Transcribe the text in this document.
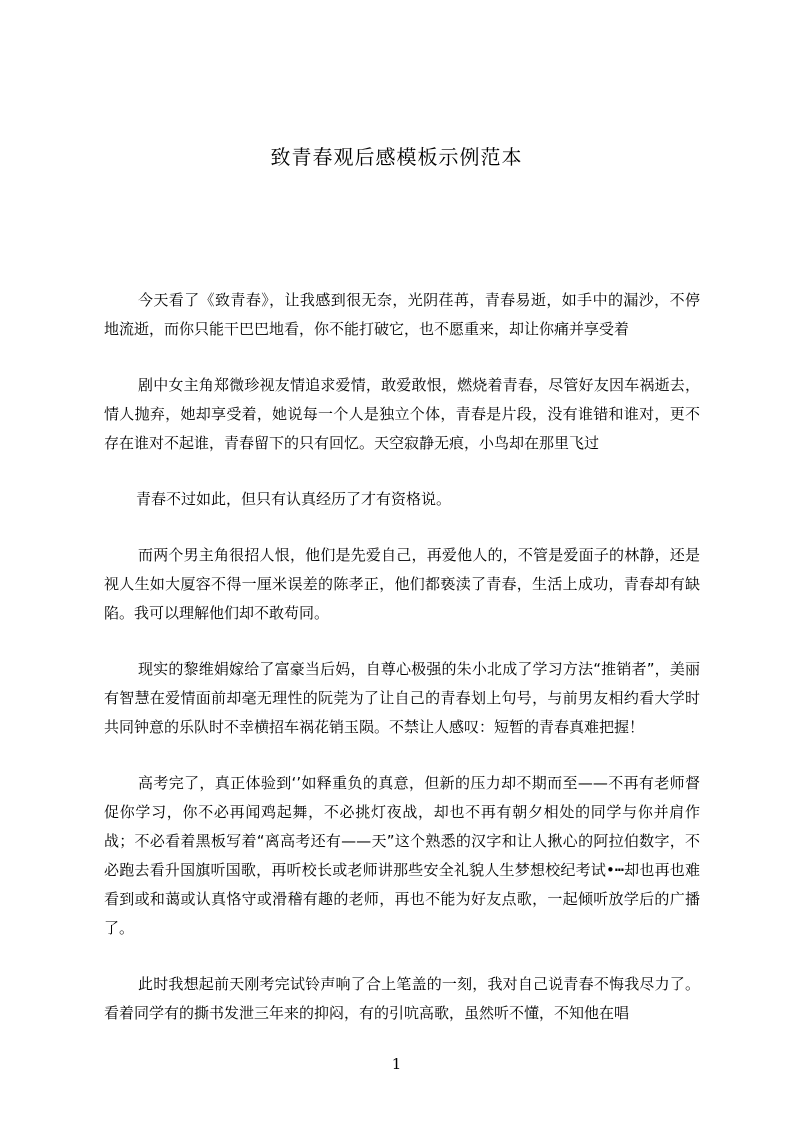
致青春观后感模板示例范本

今天看了《致青春》，让我感到很无奈，光阴荏苒，青春易逝，如手中的漏沙，不停地流逝，而你只能干巴巴地看，你不能打破它，也不愿重来，却让你痛并享受着

剧中女主角郑微珍视友情追求爱情，敢爱敢恨，燃烧着青春，尽管好友因车祸逝去，情人抛弃，她却享受着，她说每一个人是独立个体，青春是片段，没有谁错和谁对，更不存在谁对不起谁，青春留下的只有回忆。天空寂静无痕，小鸟却在那里飞过

青春不过如此，但只有认真经历了才有资格说。

而两个男主角很招人恨，他们是先爱自己，再爱他人的，不管是爱面子的林静，还是视人生如大厦容不得一厘米误差的陈孝正，他们都亵渎了青春，生活上成功，青春却有缺陷。我可以理解他们却不敢苟同。

现实的黎维娟嫁给了富豪当后妈，自尊心极强的朱小北成了学习方法“推销者”，美丽有智慧在爱情面前却毫无理性的阮莞为了让自己的青春划上句号，与前男友相约看大学时共同钟意的乐队时不幸横招车祸花销玉陨。不禁让人感叹：短暂的青春真难把握！

高考完了，真正体验到‘’如释重负的真意，但新的压力却不期而至——不再有老师督促你学习，你不必再闻鸡起舞，不必挑灯夜战，却也不再有朝夕相处的同学与你并肩作战；不必看着黑板写着“离高考还有——天”这个熟悉的汉字和让人揪心的阿拉伯数字，不必跑去看升国旗听国歌，再听校长或老师讲那些安全礼貌人生梦想校纪考试•┅却也再也难看到或和蔼或认真恪守或滑稽有趣的老师，再也不能为好友点歌，一起倾听放学后的广播了。

此时我想起前天刚考完试铃声响了合上笔盖的一刻，我对自己说青春不悔我尽力了。看着同学有的撕书发泄三年来的抑闷，有的引吭高歌，虽然听不懂，不知他在唱

1
